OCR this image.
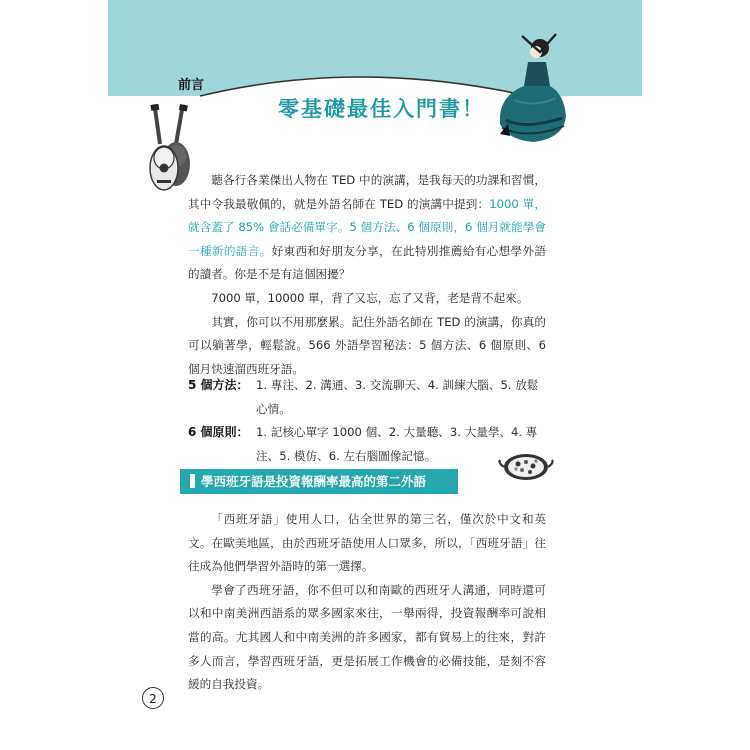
前言
零基礎最佳入門書！

聽各行各業傑出人物在 TED 中的演講，是我每天的功課和習慣，其中令我最敬佩的，就是外語名師在 TED 的演講中提到：1000 單，就含蓋了 85% 會話必備單字。5 個方法、6 個原則，6 個月就能學會一種新的語言。好東西和好朋友分享，在此特別推薦給有心想學外語的讀者。你是不是有這個困擾？

7000 單，10000 單，背了又忘，忘了又背，老是背不起來。

其實，你可以不用那麼累。記住外語名師在 TED 的演講，你真的可以躺著學，輕鬆說。566 外語學習秘法：5 個方法、6 個原則、6 個月快速溜西班牙語。

5 個方法： 1. 專注、2. 溝通、3. 交流聊天、4. 訓練大腦、5. 放鬆心情。
6 個原則： 1. 記核心單字 1000 個、2. 大量聽、3. 大量學、4. 專注、5. 模仿、6. 左右腦圖像記憶。
學西班牙語是投資報酬率最高的第二外語

「西班牙語」使用人口，佔全世界的第三名，僅次於中文和英文。在歐美地區，由於西班牙語使用人口眾多，所以，「西班牙語」往往成為他們學習外語時的第一選擇。

學會了西班牙語，你不但可以和南歐的西班牙人溝通，同時還可以和中南美洲西語系的眾多國家來往，一舉兩得，投資報酬率可說相當的高。尤其國人和中南美洲的許多國家，都有貿易上的往來，對許多人而言，學習西班牙語，更是拓展工作機會的必備技能，是刻不容緩的自我投資。

2
